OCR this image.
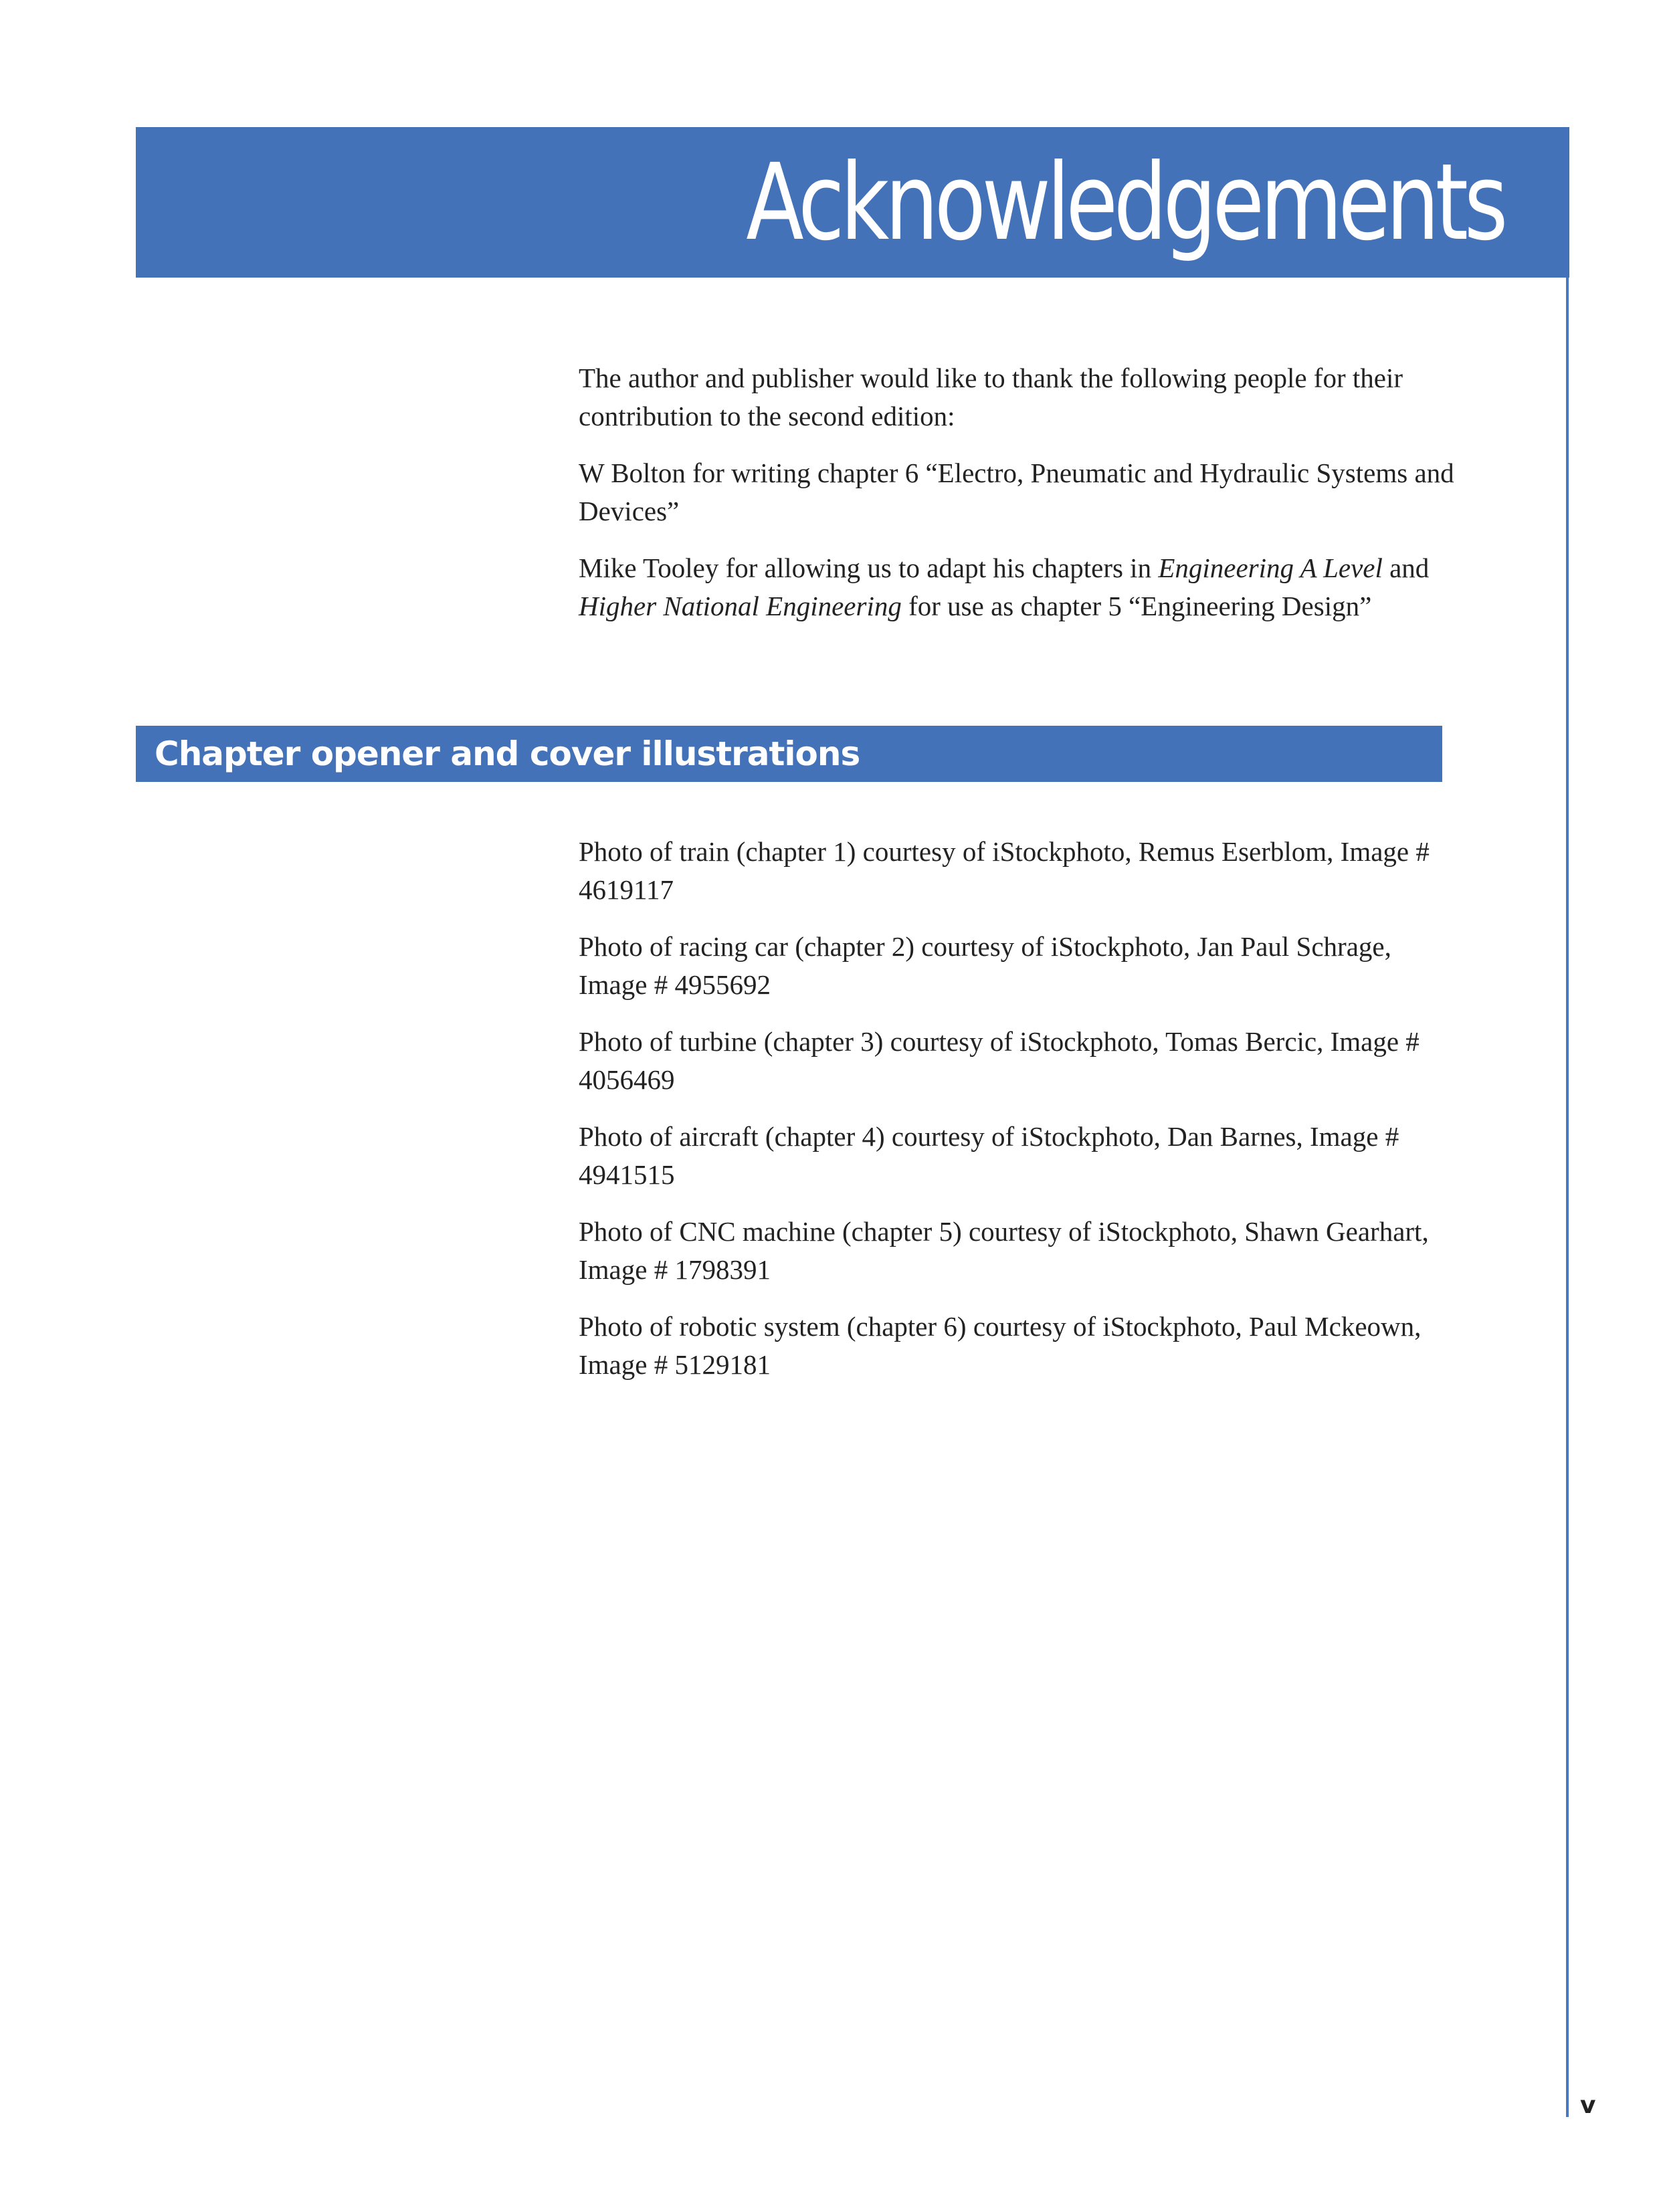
Acknowledgements

The author and publisher would like to thank the following people for their contribution to the second edition:

W Bolton for writing chapter 6 “Electro, Pneumatic and Hydraulic Systems and Devices”

Mike Tooley for allowing us to adapt his chapters in Engineering A Level and Higher National Engineering for use as chapter 5 “Engineering Design”

Chapter opener and cover illustrations

Photo of train (chapter 1) courtesy of iStockphoto, Remus Eserblom, Image # 4619117

Photo of racing car (chapter 2) courtesy of iStockphoto, Jan Paul Schrage, Image # 4955692

Photo of turbine (chapter 3) courtesy of iStockphoto, Tomas Bercic, Image # 4056469

Photo of aircraft (chapter 4) courtesy of iStockphoto, Dan Barnes, Image # 4941515

Photo of CNC machine (chapter 5) courtesy of iStockphoto, Shawn Gearhart, Image # 1798391

Photo of robotic system (chapter 6) courtesy of iStockphoto, Paul Mckeown, Image # 5129181

v
